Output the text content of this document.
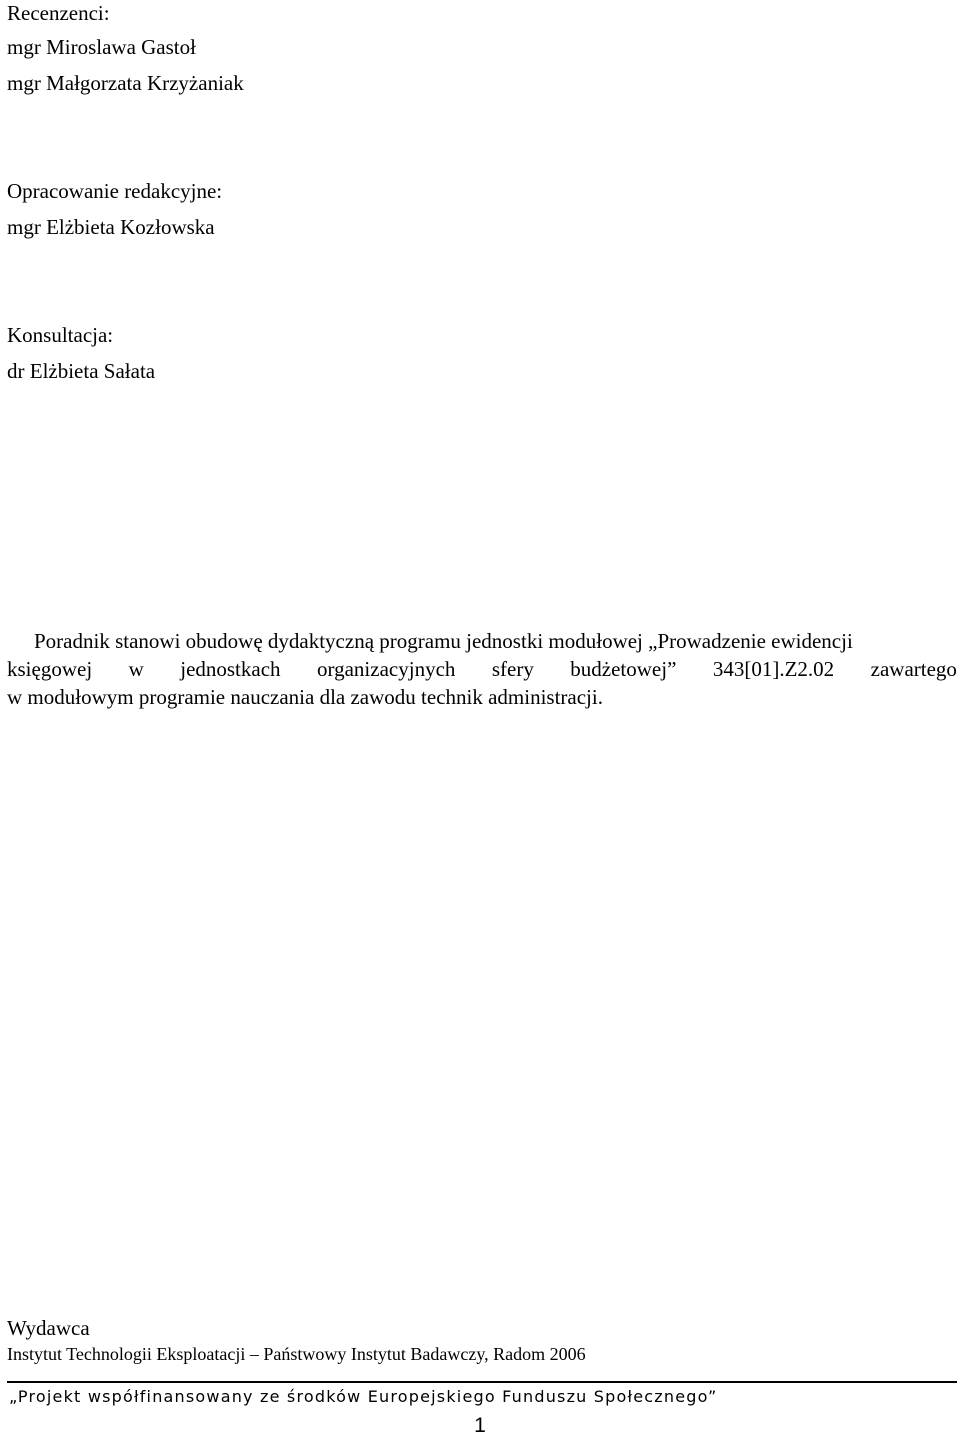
Recenzenci:
mgr Miroslawa Gastoł
mgr Małgorzata Krzyżaniak
Opracowanie redakcyjne:
mgr Elżbieta Kozłowska
Konsultacja:
dr Elżbieta Sałata
Poradnik stanowi obudowę dydaktyczną programu jednostki modułowej „Prowadzenie ewidencji
księgowej w jednostkach organizacyjnych sfery budżetowej” 343[01].Z2.02 zawartego
w modułowym programie nauczania dla zawodu technik administracji.
Wydawca
Instytut Technologii Eksploatacji – Państwowy Instytut Badawczy, Radom 2006
„Projekt współfinansowany ze środków Europejskiego Funduszu Społecznego”
1
